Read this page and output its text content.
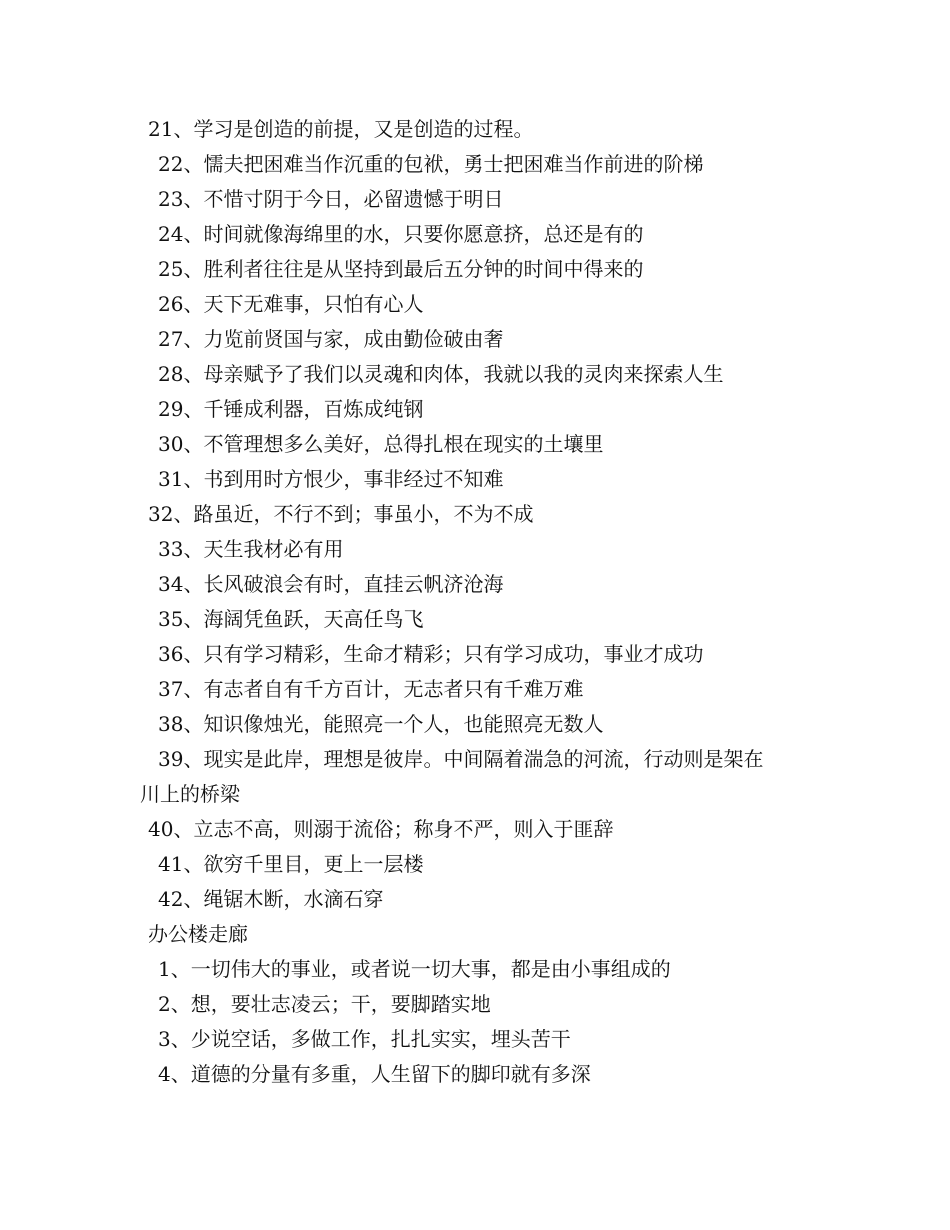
21、学习是创造的前提，又是创造的过程。

22、懦夫把困难当作沉重的包袱，勇士把困难当作前进的阶梯

23、不惜寸阴于今日，必留遗憾于明日

24、时间就像海绵里的水，只要你愿意挤，总还是有的

25、胜利者往往是从坚持到最后五分钟的时间中得来的

26、天下无难事，只怕有心人

27、力览前贤国与家，成由勤俭破由奢

28、母亲赋予了我们以灵魂和肉体，我就以我的灵肉来探索人生

29、千锤成利器，百炼成纯钢

30、不管理想多么美好，总得扎根在现实的土壤里

31、书到用时方恨少，事非经过不知难

32、路虽近，不行不到；事虽小，不为不成

33、天生我材必有用

34、长风破浪会有时，直挂云帆济沧海

35、海阔凭鱼跃，天高任鸟飞

36、只有学习精彩，生命才精彩；只有学习成功，事业才成功

37、有志者自有千方百计，无志者只有千难万难

38、知识像烛光，能照亮一个人，也能照亮无数人

39、现实是此岸，理想是彼岸。中间隔着湍急的河流，行动则是架在

川上的桥梁

40、立志不高，则溺于流俗；称身不严，则入于匪辞

41、欲穷千里目，更上一层楼

42、绳锯木断，水滴石穿

办公楼走廊

1、一切伟大的事业，或者说一切大事，都是由小事组成的

2、想，要壮志凌云；干，要脚踏实地

3、少说空话，多做工作，扎扎实实，埋头苦干

4、道德的分量有多重，人生留下的脚印就有多深
